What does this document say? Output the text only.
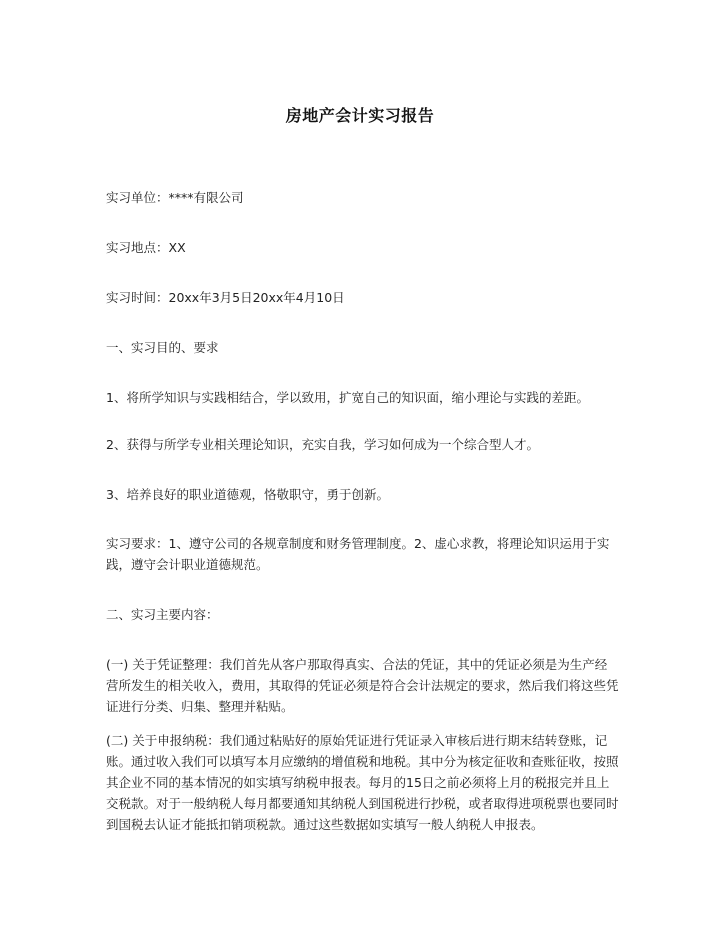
房地产会计实习报告
实习单位：****有限公司
实习地点：XX
实习时间：20xx年3月5日20xx年4月10日
一、实习目的、要求
1、将所学知识与实践相结合，学以致用，扩宽自己的知识面，缩小理论与实践的差距。
2、获得与所学专业相关理论知识，充实自我，学习如何成为一个综合型人才。
3、培养良好的职业道德观，恪敬职守，勇于创新。
实习要求：1、遵守公司的各规章制度和财务管理制度。2、虚心求教，将理论知识运用于实
践，遵守会计职业道德规范。
二、实习主要内容：
(一) 关于凭证整理：我们首先从客户那取得真实、合法的凭证，其中的凭证必须是为生产经
营所发生的相关收入，费用，其取得的凭证必须是符合会计法规定的要求，然后我们将这些凭
证进行分类、归集、整理并粘贴。
(二) 关于申报纳税：我们通过粘贴好的原始凭证进行凭证录入审核后进行期末结转登账，记
账。通过收入我们可以填写本月应缴纳的增值税和地税。其中分为核定征收和查账征收，按照
其企业不同的基本情况的如实填写纳税申报表。每月的15日之前必须将上月的税报完并且上
交税款。对于一般纳税人每月都要通知其纳税人到国税进行抄税，或者取得进项税票也要同时
到国税去认证才能抵扣销项税款。通过这些数据如实填写一般人纳税人申报表。
